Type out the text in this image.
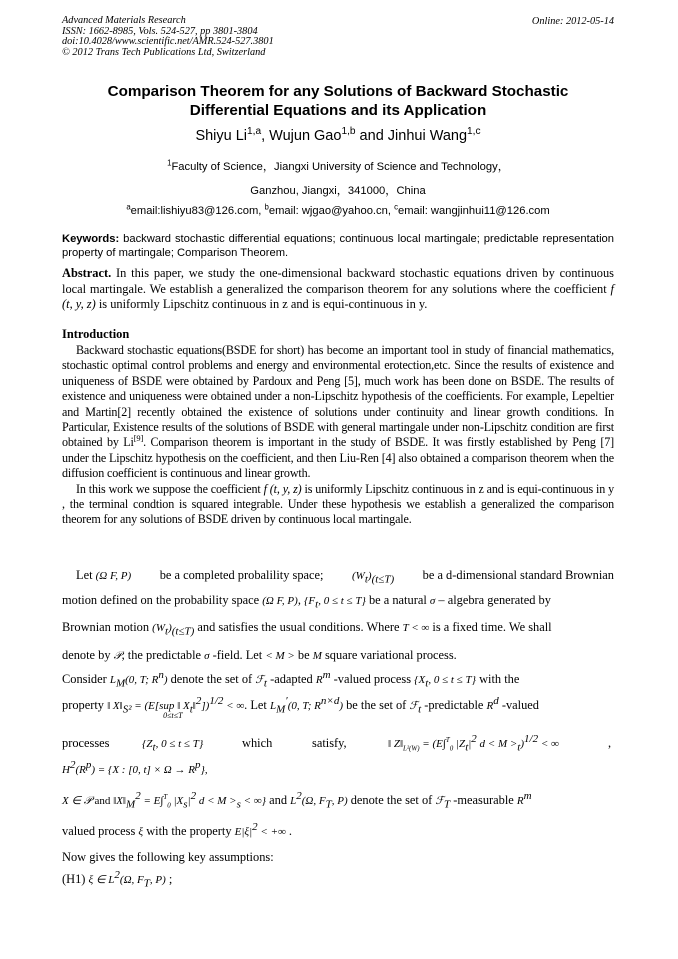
Advanced Materials Research
ISSN: 1662-8985, Vols. 524-527, pp 3801-3804
doi:10.4028/www.scientific.net/AMR.524-527.3801
© 2012 Trans Tech Publications Ltd, Switzerland
Online: 2012-05-14
Comparison Theorem for any Solutions of Backward Stochastic
Differential Equations and its Application
Shiyu Li$^{1,a}$, Wujun Gao$^{1,b}$ and Jinhui Wang$^{1,c}$
$^1$Faculty of Science，Jiangxi University of Science and Technology，
Ganzhou, Jiangxi，341000，China
$^a$email:lishiyu83@126.com, $^b$email: wjgao@yahoo.cn, $^c$email: wangjinhui11@126.com
Keywords: backward stochastic differential equations; continuous local martingale; predictable representation property of martingale; Comparison Theorem.
Abstract. In this paper, we study the one-dimensional backward stochastic equations driven by continuous local martingale. We establish a generalized the comparison theorem for any solutions where the coefficient f (t, y, z) is uniformly Lipschitz continuous in z and is equi-continuous in y.
Introduction

Backward stochastic equations(BSDE for short) has become an important tool in study of financial mathematics, stochastic optimal control problems and energy and environmental erotection,etc. Since the results of existence and uniqueness of BSDE were obtained by Pardoux and Peng [5], much work has been done on BSDE. The results of existence and uniqueness were obtained under a non-Lipschitz hypothesis of the coefficients. For example, Lepeltier and Martin[2] recently obtained the existence of solutions under continuity and linear growth conditions. In Particular, Existence results of the solutions of BSDE with general martingale under non-Lipschitz condition are first obtained by Li[9]. Comparison theorem is important in the study of BSDE. It was firstly established by Peng [7] under the Lipschitz hypothesis on the coefficient, and then Liu-Ren [4] also obtained a comparison theorem when the diffusion coefficient is continuous and linear growth.

In this work we suppose the coefficient f (t, y, z) is uniformly Lipschitz continuous in z and is equi-continuous in y , the terminal condtion is squared integrable. Under these hypothesis we establish a generalized the comparison theorem for any solutions of BSDE driven by continuous local martingale.

Let (Ω F, P) be a completed probalility space;	$(W_t)_{(t\le T)}$ be a d-dimensional standard Brownian
motion defined on the probability space (Ω F, P), {$F_t$, 0 ≤ t ≤ T} be a natural σ – algebra generated by
Brownian motion $(W_t)_{(t\le T)}$ and satisfies the usual conditions. Where T < ∞ is a fixed time. We shall
denote by 𝒫, the predictable σ -field. Let < M > be M square variational process.
Consider $L_M(0$, T; $R^n$) denote the set of ℱ$_t$ -adapted $R^m$ -valued process {$X_t$, 0 ≤ t ≤ T} with the
property ‖ $X‖_{S^2} = (E[sup$ ‖ $X_t‖^2])^{1/2}$ < ∞
0≤t≤T
. Let $L_M'(0$, T; $R^{n\times d}$) be the set of ℱ$_t$ -predictable $R^d$ -valued
processes	{$Z_t$, 0 ≤ t ≤ T}	which	satisfy,	‖ $Z‖_{L^2(W)} = (E\int^T_0$ $|Z_t|^2$ $d < M >_t)^{1/2}$ < ∞	,
$H^2(R^p) = \{X$ : [0, $t] \times \Omega \to R^p$},
X ∈ 𝒫 and $‖X‖_M^2 = E\int^T_0$ $|X_s|^2$ $d < M >_s$ < ∞} and $L^2(\Omega$, $F_T$, P) denote the set of ℱ$_T$ -measurable $R^m$
valued process ξ with the property $E|\xi|^2$ < +∞ .
Now gives the following key assumptions:
(H1) ξ ∈ $L^2(\Omega$, $F_T$, P) ;
